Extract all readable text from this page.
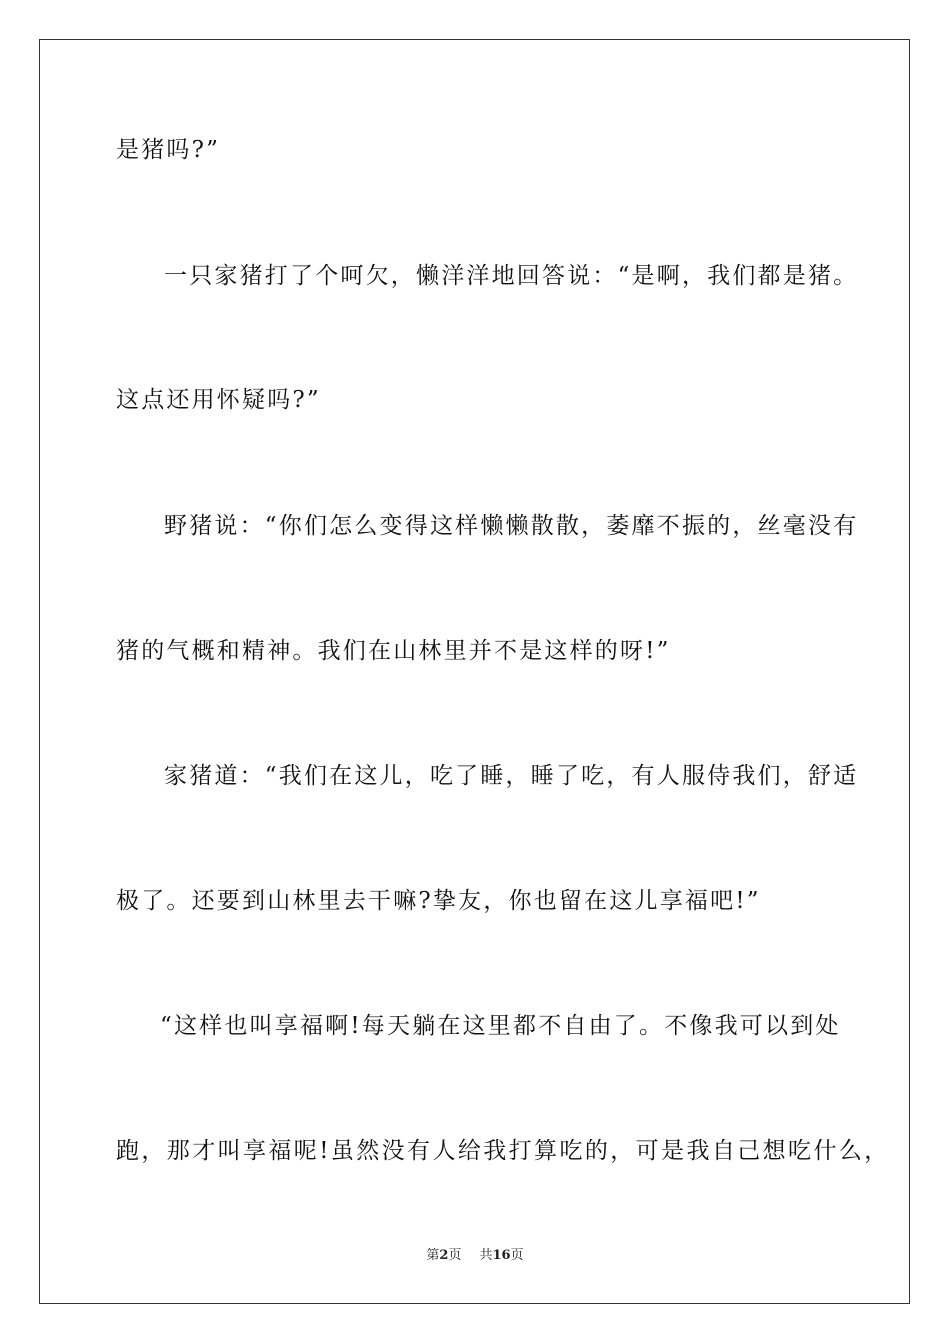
是猪吗?”
一只家猪打了个呵欠，懒洋洋地回答说：“是啊，我们都是猪。
这点还用怀疑吗?”
野猪说：“你们怎么变得这样懒懒散散，萎靡不振的，丝毫没有
猪的气概和精神。我们在山林里并不是这样的呀!”
家猪道：“我们在这儿，吃了睡，睡了吃，有人服侍我们，舒适
极了。还要到山林里去干嘛?挚友，你也留在这儿享福吧!”
“这样也叫享福啊!每天躺在这里都不自由了。不像我可以到处
跑，那才叫享福呢!虽然没有人给我打算吃的，可是我自己想吃什么，
第2页 共16页
